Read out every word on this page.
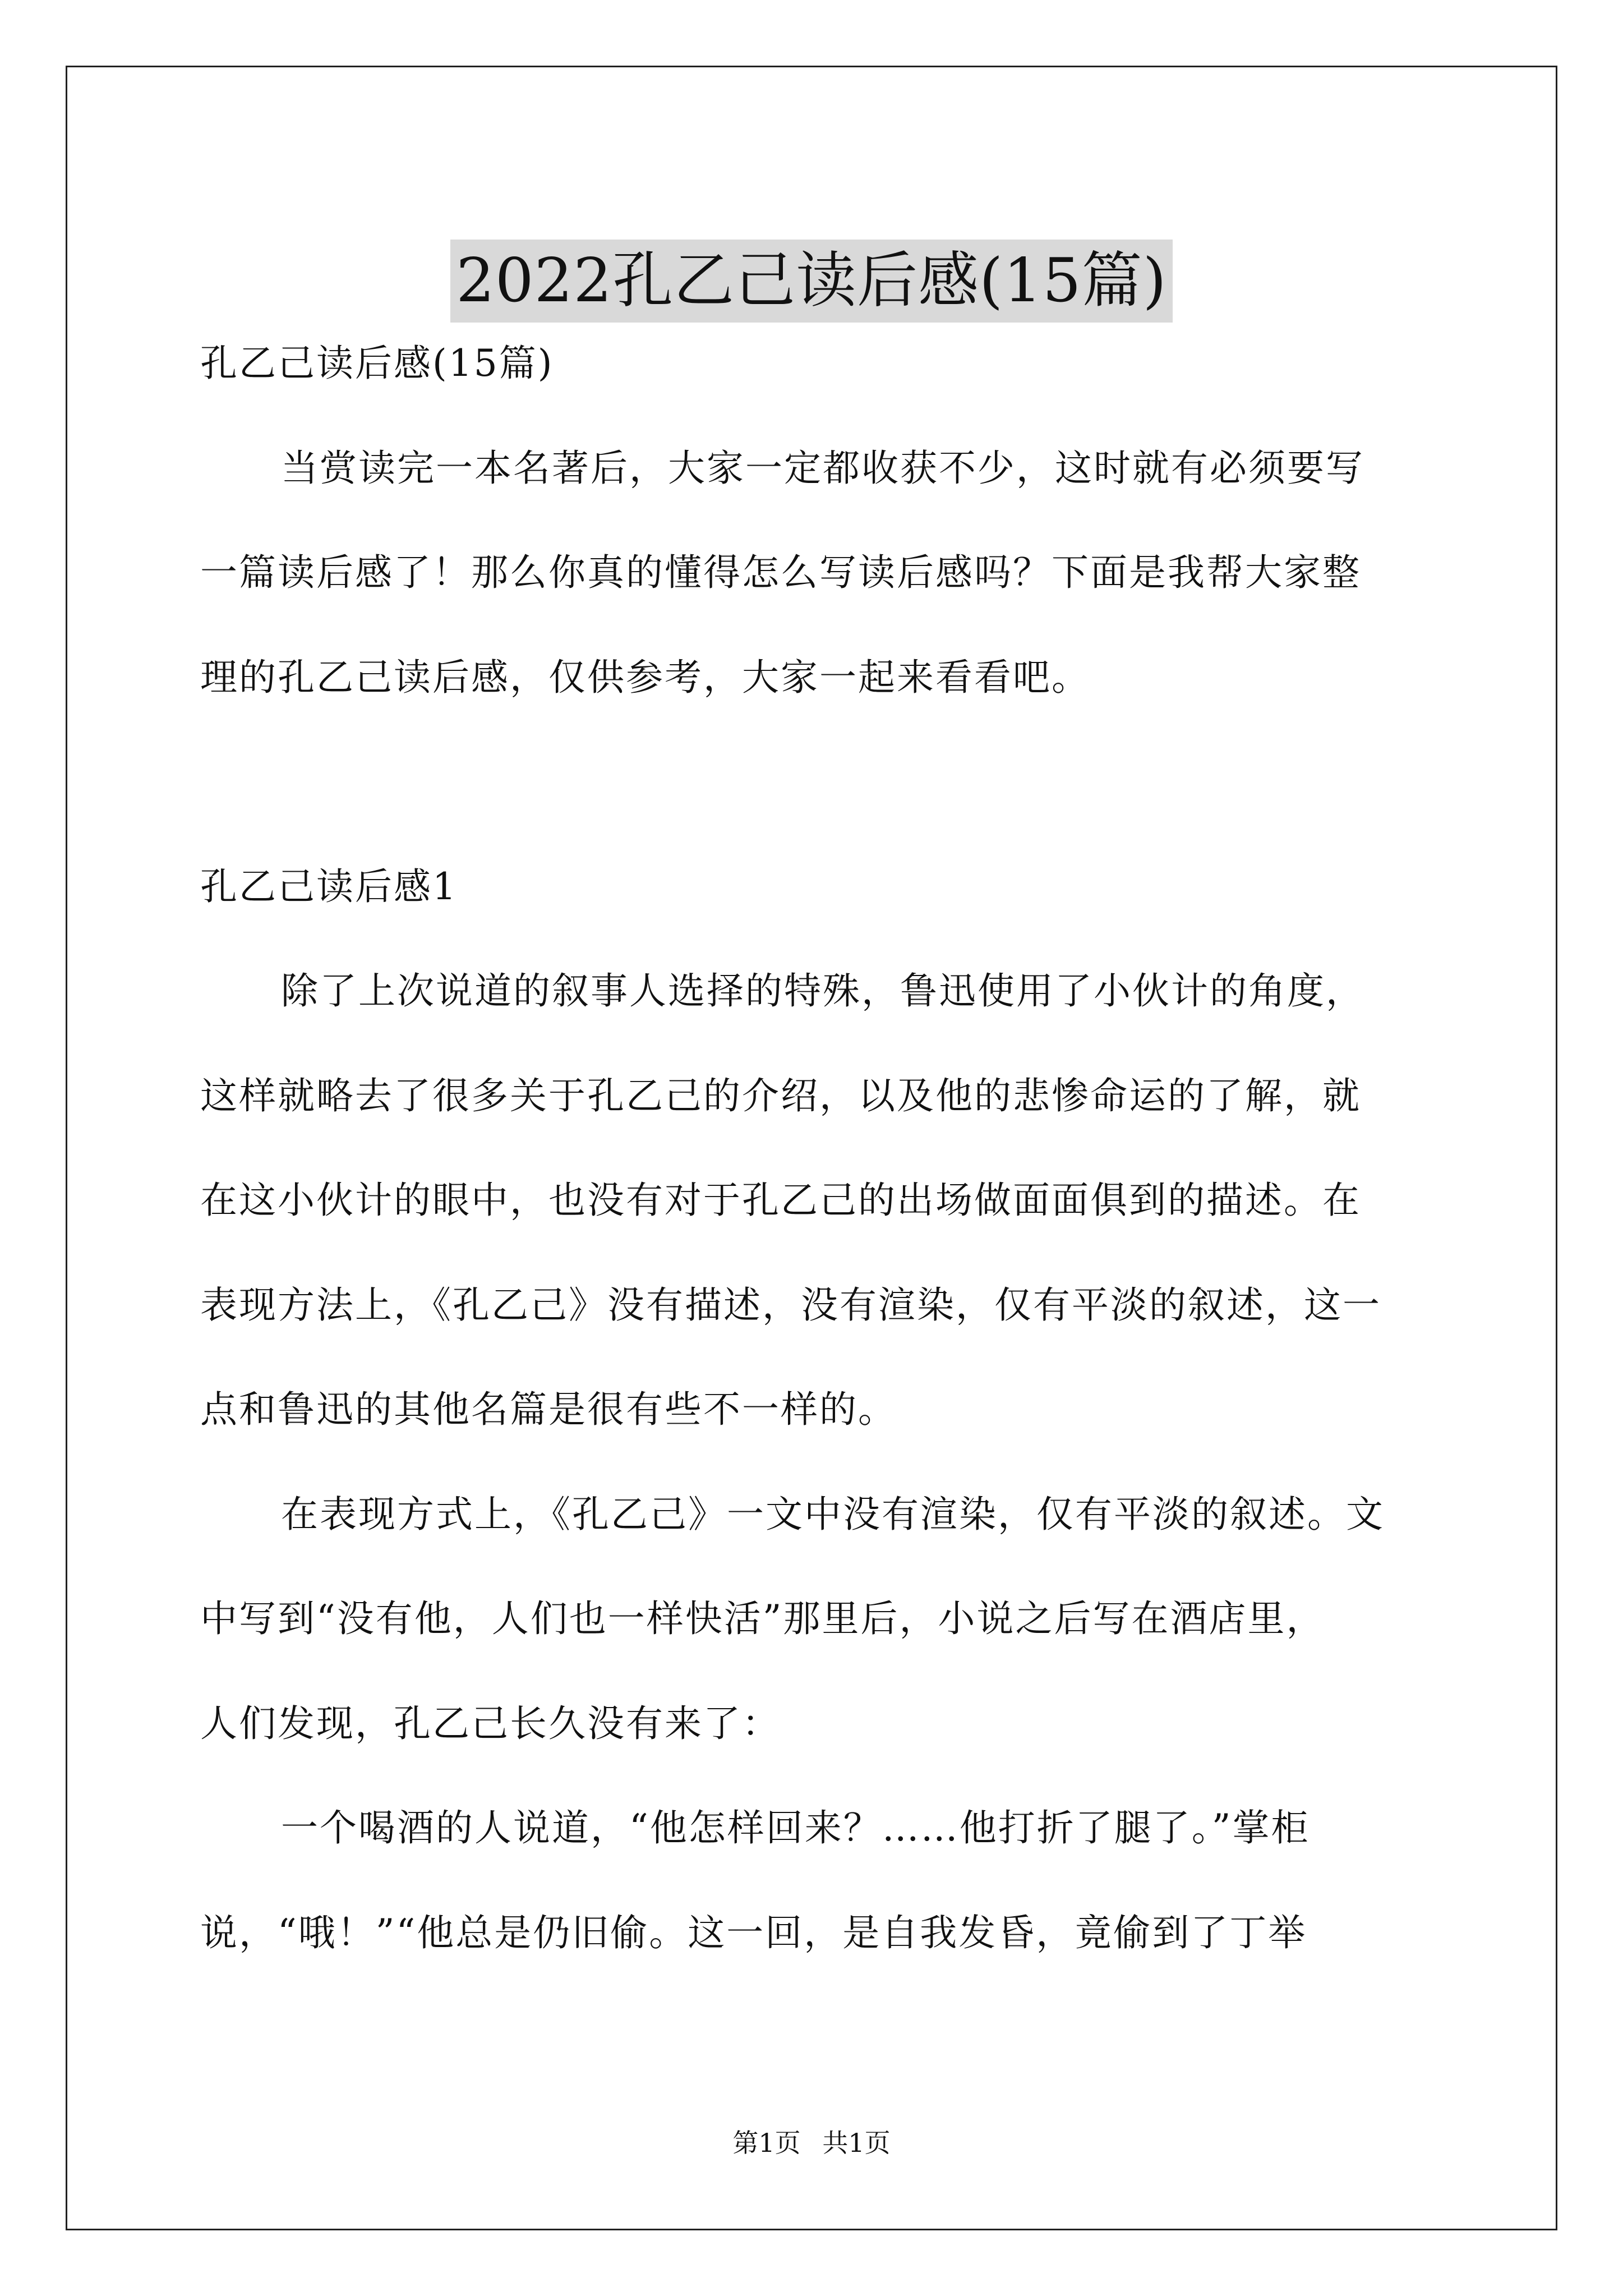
2022孔乙己读后感(15篇)
孔乙己读后感(15篇)
当赏读完一本名著后，大家一定都收获不少，这时就有必须要写
一篇读后感了！那么你真的懂得怎么写读后感吗？下面是我帮大家整
理的孔乙己读后感，仅供参考，大家一起来看看吧。
孔乙己读后感1
除了上次说道的叙事人选择的特殊，鲁迅使用了小伙计的角度，
这样就略去了很多关于孔乙己的介绍，以及他的悲惨命运的了解，就
在这小伙计的眼中，也没有对于孔乙己的出场做面面俱到的描述。在
表现方法上，《孔乙己》没有描述，没有渲染，仅有平淡的叙述，这一
点和鲁迅的其他名篇是很有些不一样的。
在表现方式上，《孔乙己》一文中没有渲染，仅有平淡的叙述。文
中写到“没有他，人们也一样快活”那里后，小说之后写在酒店里，
人们发现，孔乙己长久没有来了：
一个喝酒的人说道，“他怎样回来？……他打折了腿了。”掌柜
说，“哦！”“他总是仍旧偷。这一回，是自我发昏，竟偷到了丁举
第1页 共1页
